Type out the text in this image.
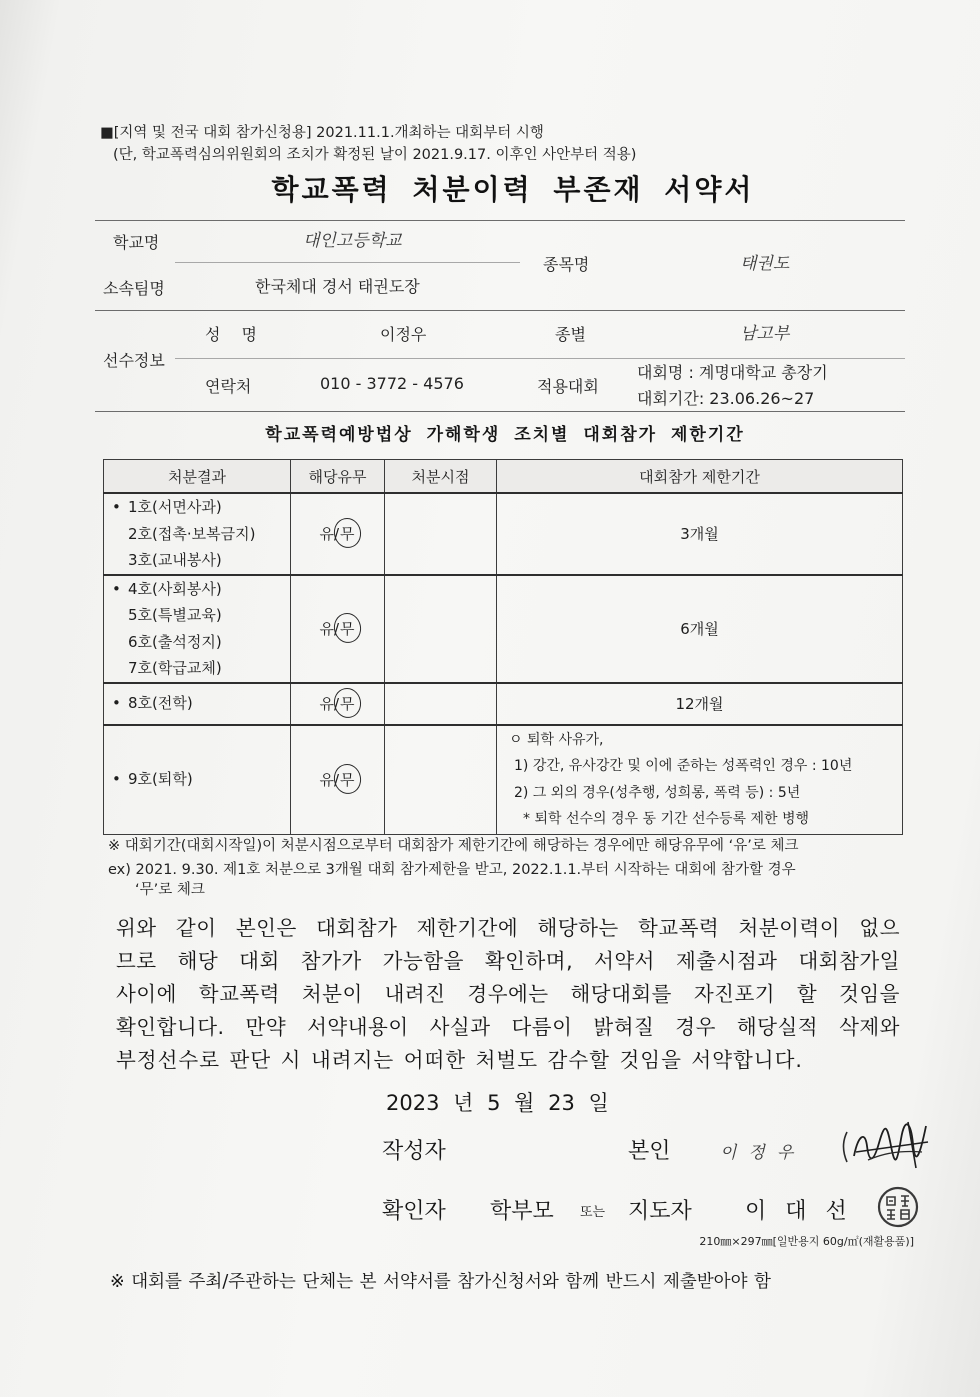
■[지역 및 전국 대회 참가신청용] 2021.11.1.개최하는 대회부터 시행
(단, 학교폭력심의위원회의 조치가 확정된 날이 2021.9.17. 이후인 사안부터 적용)
학교폭력 처분이력 부존재 서약서
학교명	대인고등학교
종목명	태권도
소속팀명	한국체대 경서 태권도장
선수정보
성 명	이정우	종별	남고부
연락처	010 - 3772 - 4576	적용대회
대회명 : 계명대학교 총장기
대회기간: 23.06.26~27
학교폭력예방법상 가해학생 조치별 대회참가 제한기간
처분결과	해당유무	처분시점	대회참가 제한기간

• 1호(서면사과)
2호(접촉·보복금지)
3호(교내봉사)	유/무		3개월

• 4호(사회봉사)
5호(특별교육)
6호(출석정지)
7호(학급교체)	유/무		6개월

• 8호(전학)	유/무		12개월

• 9호(퇴학)	유/무		ㅇ 퇴학 사유가,
1) 강간, 유사강간 및 이에 준하는 성폭력인 경우 : 10년
2) 그 외의 경우(성추행, 성희롱, 폭력 등) : 5년
* 퇴학 선수의 경우 동 기간 선수등록 제한 병행
※ 대회기간(대회시작일)이 처분시점으로부터 대회참가 제한기간에 해당하는 경우에만 해당유무에 ‘유’로 체크
ex) 2021. 9.30. 제1호 처분으로 3개월 대회 참가제한을 받고, 2022.1.1.부터 시작하는 대회에 참가할 경우
‘무’로 체크
위와 같이 본인은 대회참가 제한기간에 해당하는 학교폭력 처분이력이 없으
므로 해당 대회 참가가 가능함을 확인하며, 서약서 제출시점과 대회참가일
사이에 학교폭력 처분이 내려진 경우에는 해당대회를 자진포기 할 것임을
확인합니다. 만약 서약내용이 사실과 다름이 밝혀질 경우 해당실적 삭제와
부정선수로 판단 시 내려지는 어떠한 처벌도 감수할 것임을 서약합니다.
2023 년 5 월 23 일
작성자	본인	이정우
확인자 학부모 또는 지도자 이 대 선
210㎜×297㎜[일반용지 60g/㎡(재활용품)]
※ 대회를 주최/주관하는 단체는 본 서약서를 참가신청서와 함께 반드시 제출받아야 함
